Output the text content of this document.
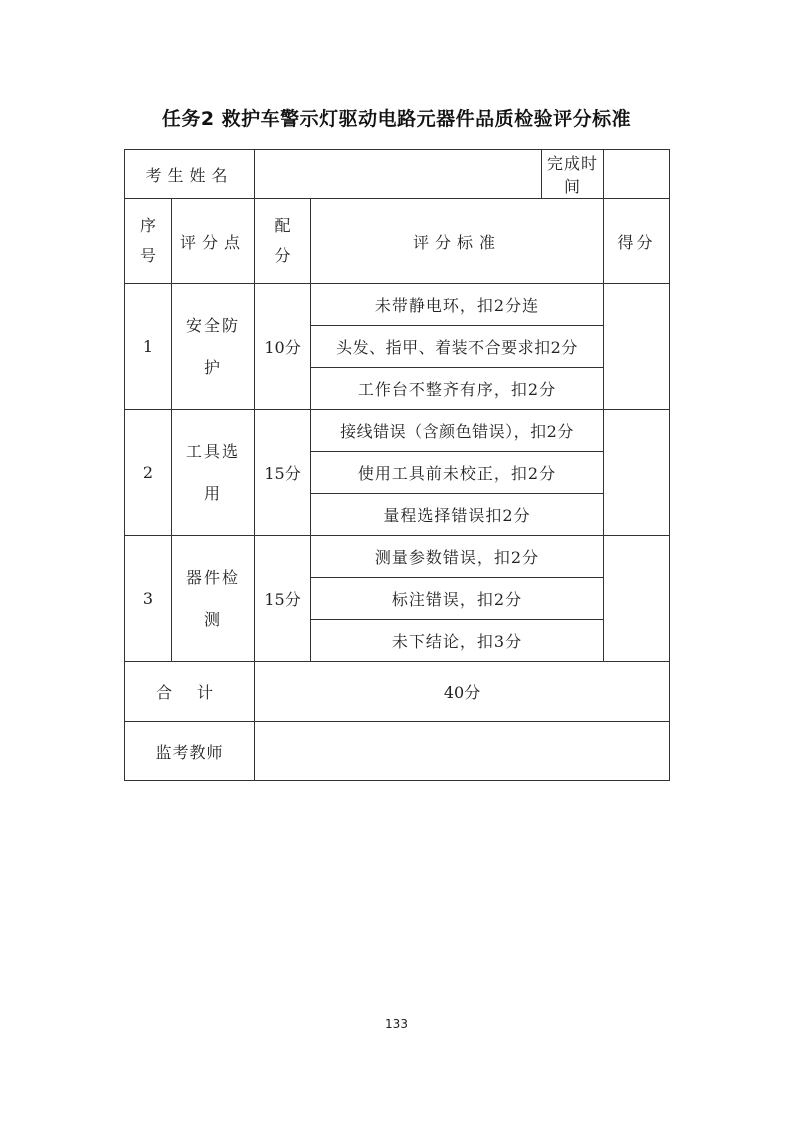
任务2 救护车警示灯驱动电路元器件品质检验评分标准
考生姓名				完成时间	
序号	评分点	配分	评分标准		得分
1	安全防护	10分	未带静电环，扣2分连		
			头发、指甲、着装不合要求扣2分		
			工作台不整齐有序，扣2分		
2	工具选用	15分	接线错误（含颜色错误），扣2分		
			使用工具前未校正，扣2分		
			量程选择错误扣2分		
3	器件检测	15分	测量参数错误，扣2分		
			标注错误，扣2分		
			未下结论，扣3分		
合 计		40分			
监考教师					
133
